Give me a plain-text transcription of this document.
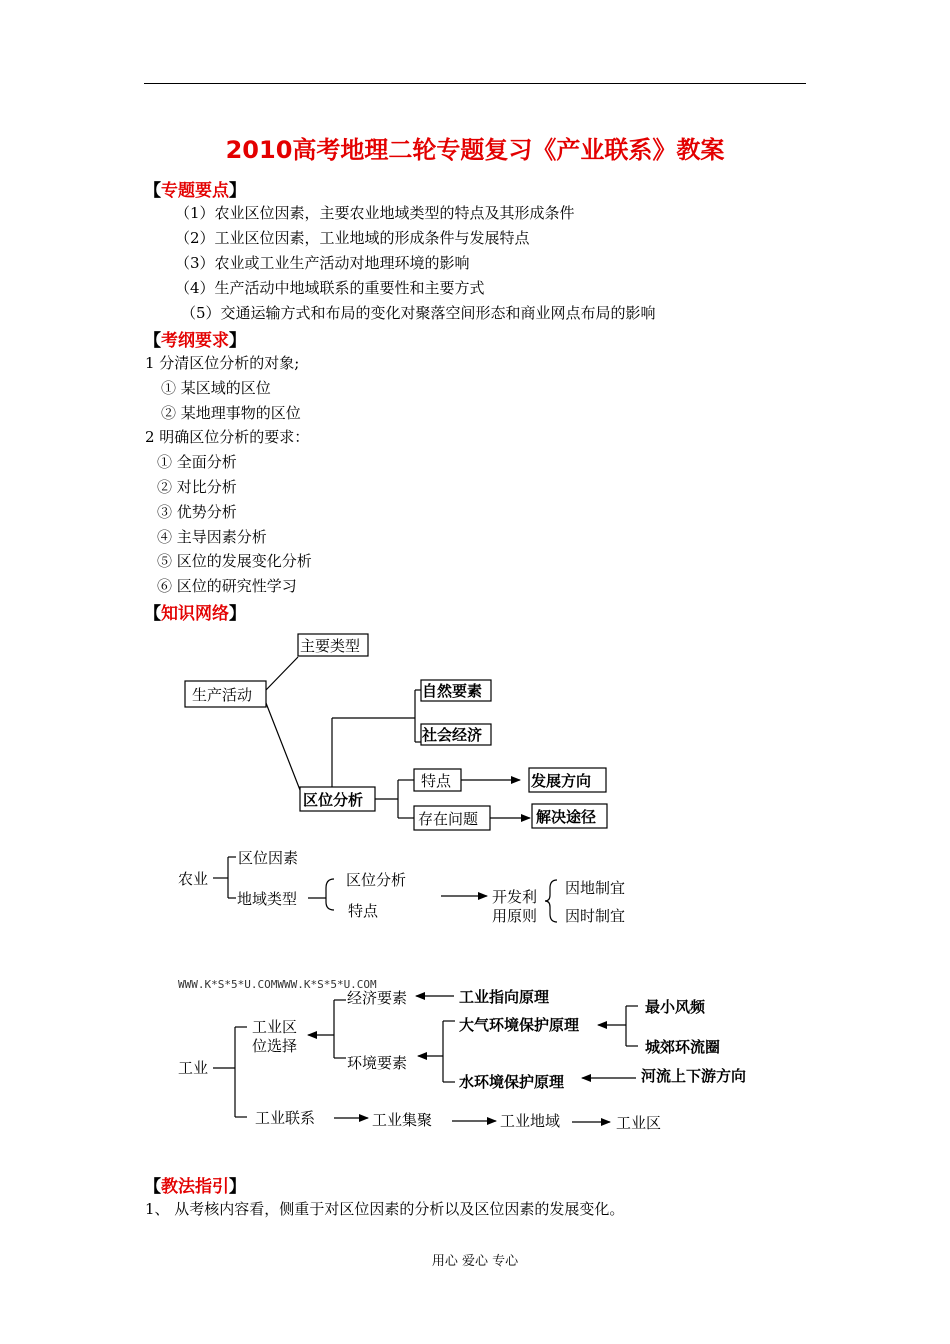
2010高考地理二轮专题复习《产业联系》教案
【专题要点】
（1）农业区位因素，主要农业地域类型的特点及其形成条件
（2）工业区位因素，工业地域的形成条件与发展特点
（3）农业或工业生产活动对地理环境的影响
（4）生产活动中地域联系的重要性和主要方式
（5）交通运输方式和布局的变化对聚落空间形态和商业网点布局的影响
【考纲要求】
1 分清区位分析的对象;
① 某区域的区位
② 某地理事物的区位
2 明确区位分析的要求：
① 全面分析
② 对比分析
③ 优势分析
④ 主导因素分析
⑤ 区位的发展变化分析
⑥ 区位的研究性学习
【知识网络】
生产活动
主要类型
区位分析
自然要素
社会经济
特点
存在问题
发展方向
解决途径
农业
区位因素
地域类型
区位分析
特点
开发利
用原则
因地制宜
因时制宜
WWW.K*S*5*U.COMWWW.K*S*5*U.COM
工业
工业区
位选择
经济要素
环境要素
工业指向原理
大气环境保护原理
水环境保护原理
最小风频
城郊环流圈
河流上下游方向
工业联系	工业集聚	工业地域	工业区
【教法指引】
1、 从考核内容看，侧重于对区位因素的分析以及区位因素的发展变化。
用心 爱心 专心
